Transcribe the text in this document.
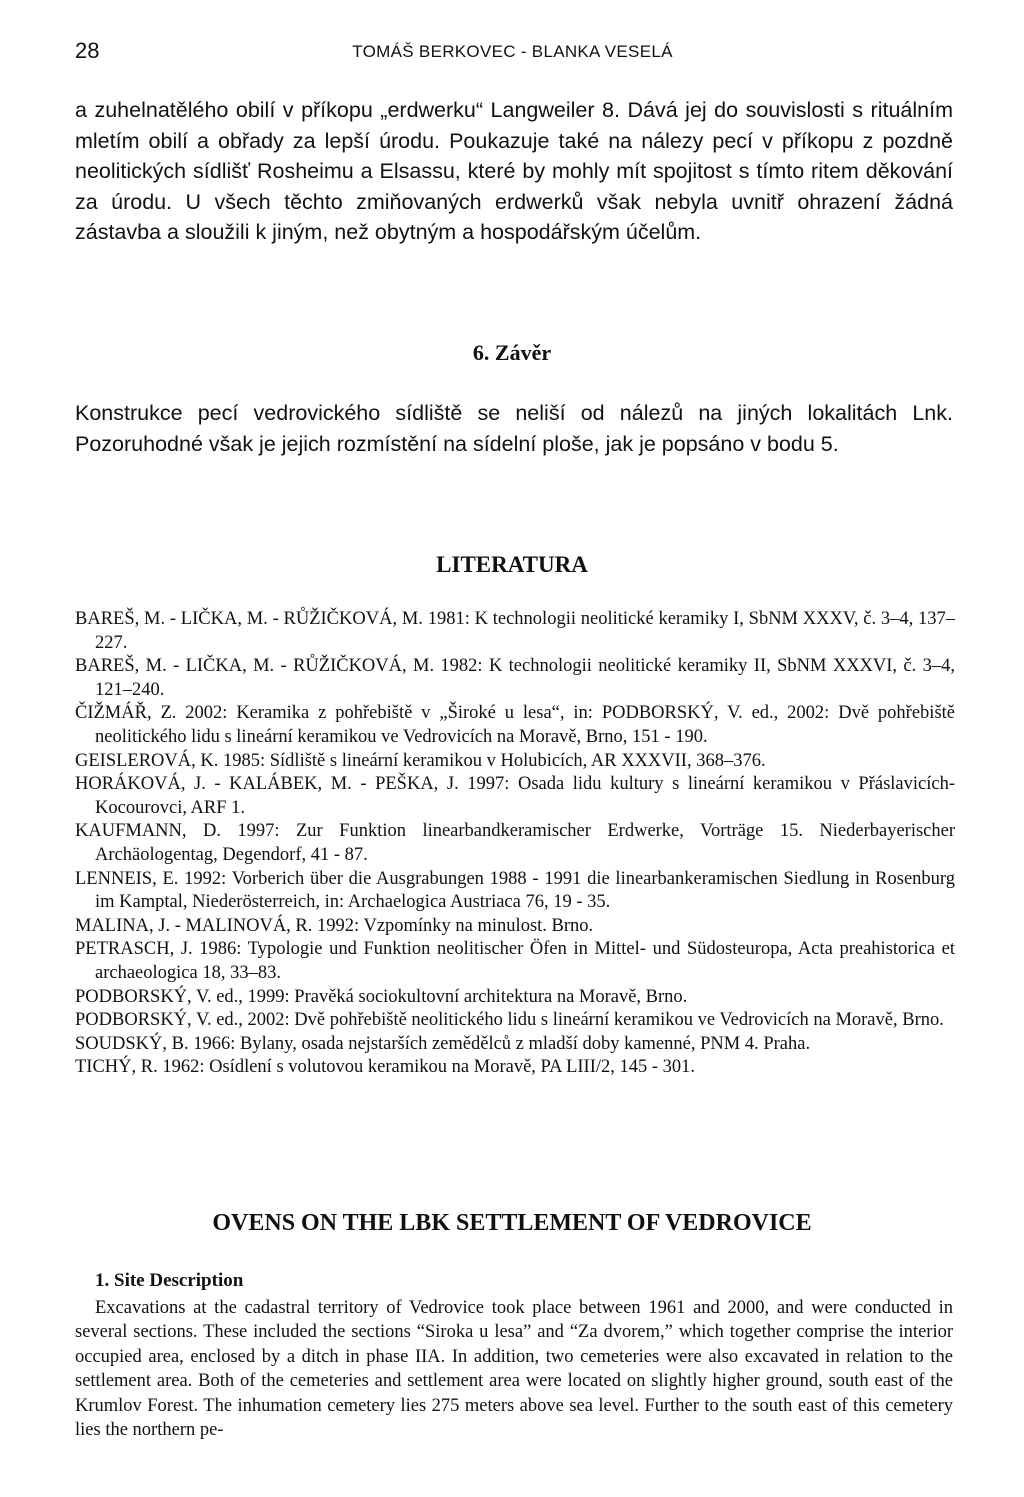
28	TOMÁŠ BERKOVEC - BLANKA VESELÁ

a zuhelnatělého obilí v příkopu „erdwerku“ Langweiler 8. Dává jej do souvislosti s rituálním mletím obilí a obřady za lepší úrodu. Poukazuje také na nálezy pecí v příkopu z pozdně neolitických sídlišť Rosheimu a Elsassu, které by mohly mít spojitost s tímto ritem děkování za úrodu. U všech těchto zmiňovaných erdwerků však nebyla uvnitř ohrazení žádná zástavba a sloužili k jiným, než obytným a hospodářským účelům.

6. Závěr

Konstrukce pecí vedrovického sídliště se neliší od nálezů na jiných lokalitách Lnk. Pozoruhodné však je jejich rozmístění na sídelní ploše, jak je popsáno v bodu 5.

LITERATURA

BAREŠ, M. - LIČKA, M. - RŮŽIČKOVÁ, M. 1981: K technologii neolitické keramiky I, SbNM XXXV, č. 3–4, 137–227.

BAREŠ, M. - LIČKA, M. - RŮŽIČKOVÁ, M. 1982: K technologii neolitické keramiky II, SbNM XXXVI, č. 3–4, 121–240.

ČIŽMÁŘ, Z. 2002: Keramika z pohřebiště v „Široké u lesa“, in: PODBORSKÝ, V. ed., 2002: Dvě pohřebiště neolitického lidu s lineární keramikou ve Vedrovicích na Moravě, Brno, 151 - 190.

GEISLEROVÁ, K. 1985: Sídliště s lineární keramikou v Holubicích, AR XXXVII, 368–376.

HORÁKOVÁ, J. - KALÁBEK, M. - PEŠKA, J. 1997: Osada lidu kultury s lineární keramikou v Přáslavicích-Kocourovci, ARF 1.

KAUFMANN, D. 1997: Zur Funktion linearbandkeramischer Erdwerke, Vorträge 15. Niederbayerischer Archäologentag, Degendorf, 41 - 87.

LENNEIS, E. 1992: Vorberich über die Ausgrabungen 1988 - 1991 die linearbankeramischen Siedlung in Rosenburg im Kamptal, Niederösterreich, in: Archaelogica Austriaca 76, 19 - 35.

MALINA, J. - MALINOVÁ, R. 1992: Vzpomínky na minulost. Brno.

PETRASCH, J. 1986: Typologie und Funktion neolitischer Öfen in Mittel- und Südosteuropa, Acta preahistorica et archaeologica 18, 33–83.

PODBORSKÝ, V. ed., 1999: Pravěká sociokultovní architektura na Moravě, Brno.

PODBORSKÝ, V. ed., 2002: Dvě pohřebiště neolitického lidu s lineární keramikou ve Vedrovicích na Moravě, Brno.

SOUDSKÝ, B. 1966: Bylany, osada nejstarších zemědělců z mladší doby kamenné, PNM 4. Praha.

TICHÝ, R. 1962: Osídlení s volutovou keramikou na Moravě, PA LIII/2, 145 - 301.

OVENS ON THE LBK SETTLEMENT OF VEDROVICE
1. Site Description

Excavations at the cadastral territory of Vedrovice took place between 1961 and 2000, and were conducted in several sections. These included the sections “Siroka u lesa” and “Za dvorem,” which together comprise the interior occupied area, enclosed by a ditch in phase IIA. In addition, two cemeteries were also excavated in relation to the settlement area. Both of the cemeteries and settlement area were located on slightly higher ground, south east of the Krumlov Forest. The inhumation cemetery lies 275 meters above sea level. Further to the south east of this cemetery lies the northern pe-
